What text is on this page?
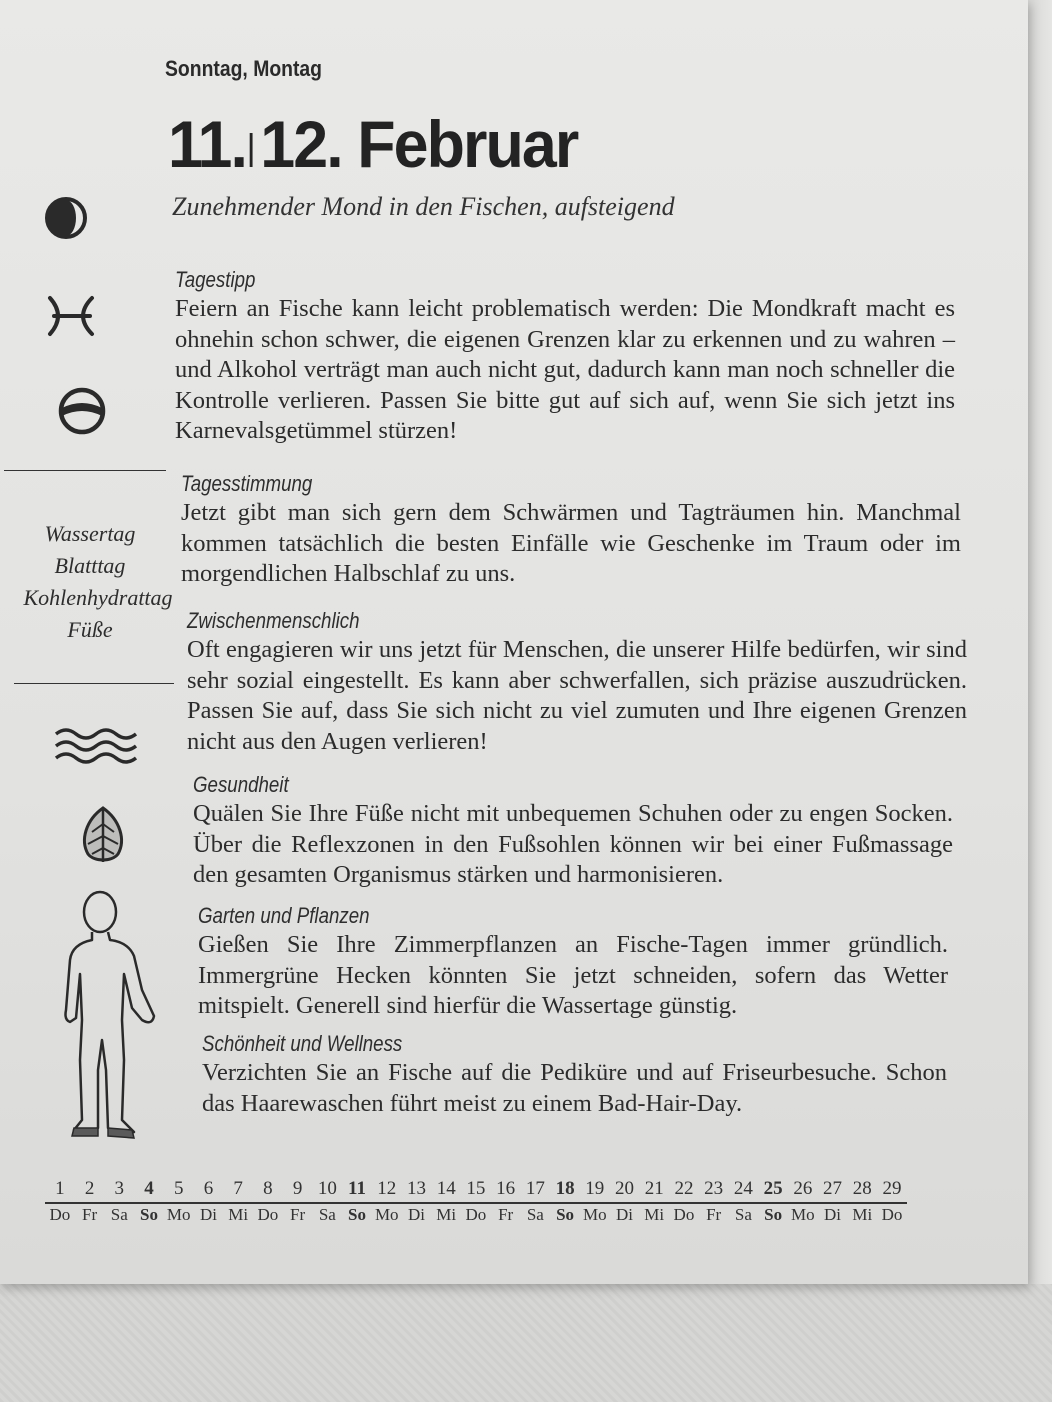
Sonntag, Montag
11. 12. Februar
Zunehmender Mond in den Fischen, aufsteigend
Wassertag
Blatttag
Kohlenhydrattag
Füße
Tagestipp

Feiern an Fische kann leicht problematisch werden: Die Mondkraft macht es ohnehin schon schwer, die eigenen Grenzen klar zu erkennen und zu wahren – und Alkohol verträgt man auch nicht gut, dadurch kann man noch schneller die Kontrolle verlieren. Passen Sie bitte gut auf sich auf, wenn Sie sich jetzt ins Karnevalsgetümmel stürzen!

Tagesstimmung

Jetzt gibt man sich gern dem Schwärmen und Tagträumen hin. Manchmal kommen tatsächlich die besten Einfälle wie Geschenke im Traum oder im morgendlichen Halbschlaf zu uns.

Zwischenmenschlich

Oft engagieren wir uns jetzt für Menschen, die unserer Hilfe bedürfen, wir sind sehr sozial eingestellt. Es kann aber schwerfallen, sich präzise auszudrücken. Passen Sie auf, dass Sie sich nicht zu viel zumuten und Ihre eigenen Grenzen nicht aus den Augen verlieren!

Gesundheit

Quälen Sie Ihre Füße nicht mit unbequemen Schuhen oder zu engen Socken. Über die Reflexzonen in den Fußsohlen können wir bei einer Fußmassage den gesamten Organismus stärken und harmonisieren.

Garten und Pflanzen

Gießen Sie Ihre Zimmerpflanzen an Fische-Tagen immer gründlich. Immergrüne Hecken könnten Sie jetzt schneiden, sofern das Wetter mitspielt. Generell sind hierfür die Wassertage günstig.

Schönheit und Wellness

Verzichten Sie an Fische auf die Pediküre und auf Friseurbesuche. Schon das Haarewaschen führt meist zu einem Bad-Hair-Day.

1	2	3	4	5	6	7	8	9 10 11 12 13 14 15 16 17 18 19 20 21 22 23 24 25 26 27 28 29
Do Fr Sa So Mo Di Mi Do Fr Sa So Mo Di Mi Do Fr Sa So Mo Di Mi Do Fr Sa So Mo Di Mi Do
